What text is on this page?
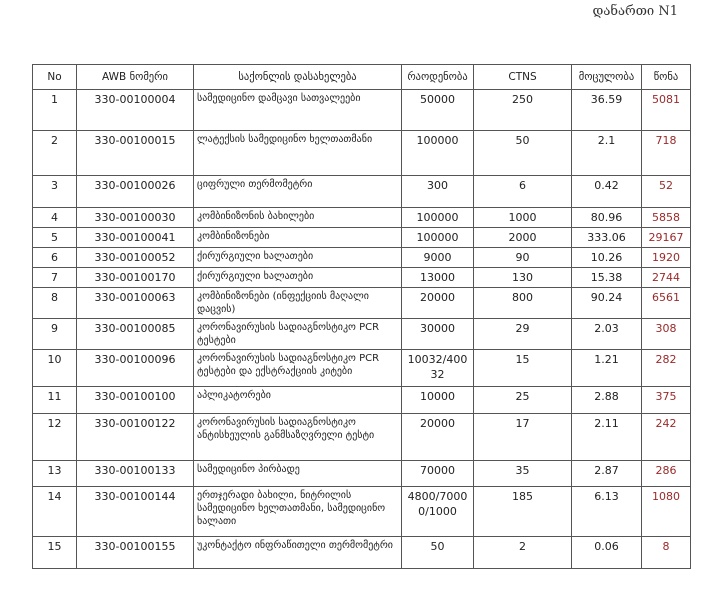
დანართი N1
No	AWB ნომერი	საქონლის დასახელება	რაოდენობა	CTNS	მოცულობა	წონა
1	330-00100004	სამედიცინო დამცავი სათვალეები	50000	250	36.59	5081
2	330-00100015	ლატექსის სამედიცინო ხელთათმანი	100000	50	2.1	718
3	330-00100026	ციფრული თერმომეტრი	300	6	0.42	52
4	330-00100030	კომბინიზონის ბახილები	100000	1000	80.96	5858
5	330-00100041	კომბინიზონები	100000	2000	333.06	29167
6	330-00100052	ქირურგიული ხალათები	9000	90	10.26	1920
7	330-00100170	ქირურგიული ხალათები	13000	130	15.38	2744
8	330-00100063	კომბინიზონები (ინფექციის მაღალი დაცვის)	20000	800	90.24	6561
9	330-00100085	კორონავირუსის სადიაგნოსტიკო PCR ტესტები	30000	29	2.03	308
10	330-00100096	კორონავირუსის სადიაგნოსტიკო PCR ტესტები და ექსტრაქციის კიტები	10032/40032	15	1.21	282
11	330-00100100	აპლიკატორები	10000	25	2.88	375
12	330-00100122	კორონავირუსის სადიაგნოსტიკო ანტისხეულის განმსაზღვრელი ტესტი	20000	17	2.11	242
13	330-00100133	სამედიცინო პირბადე	70000	35	2.87	286
14	330-00100144	ერთჯერადი ბახილი, ნიტრილის სამედიცინო ხელთათმანი, სამედიცინო ხალათი	4800/70000/1000	185	6.13	1080
15	330-00100155	უკონტაქტო ინფრაწითელი თერმომეტრი	50	2	0.06	8
